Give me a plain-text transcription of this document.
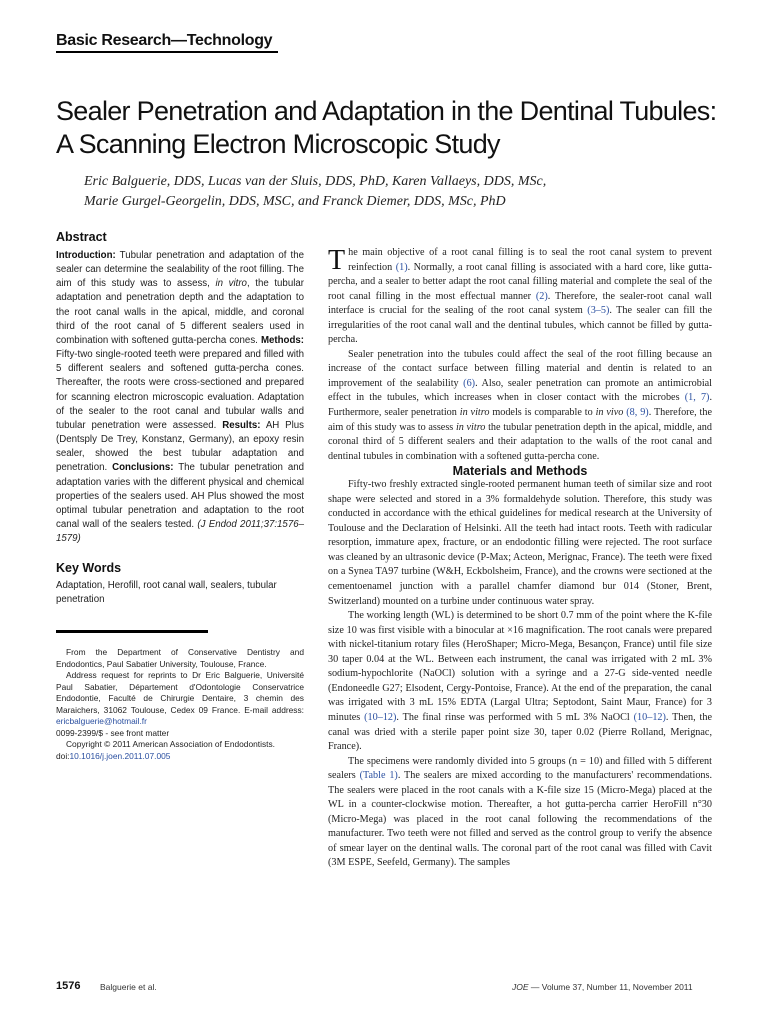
Basic Research—Technology
Sealer Penetration and Adaptation in the Dentinal Tubules:
A Scanning Electron Microscopic Study
Eric Balguerie, DDS, Lucas van der Sluis, DDS, PhD, Karen Vallaeys, DDS, MSc,
Marie Gurgel-Georgelin, DDS, MSC, and Franck Diemer, DDS, MSc, PhD
Abstract

Introduction: Tubular penetration and adaptation of the sealer can determine the sealability of the root filling. The aim of this study was to assess, in vitro, the tubular adaptation and penetration depth and the adaptation to the root canal walls in the apical, middle, and coronal third of the root canal of 5 different sealers used in combination with softened gutta-percha cones. Methods: Fifty-two single-rooted teeth were prepared and filled with 5 different sealers and softened gutta-percha cones. Thereafter, the roots were cross-sectioned and prepared for scanning electron microscopic evaluation. Adaptation of the sealer to the root canal and tubular walls and tubular penetration were assessed. Results: AH Plus (Dentsply De Trey, Konstanz, Germany), an epoxy resin sealer, showed the best tubular adaptation and penetration. Conclusions: The tubular penetration and adaptation varies with the different physical and chemical properties of the sealers used. AH Plus showed the most optimal tubular penetration and adaptation to the root canal wall of the sealers tested. (J Endod 2011;37:1576–1579)

Key Words
Adaptation, Herofill, root canal wall, sealers, tubular penetration

From the Department of Conservative Dentistry and Endodontics, Paul Sabatier University, Toulouse, France.

Address request for reprints to Dr Eric Balguerie, Université Paul Sabatier, Département d'Odontologie Conservatrice Endodontie, Faculté de Chirurgie Dentaire, 3 chemin des Maraichers, 31062 Toulouse, Cedex 09 France. E-mail address: ericbalguerie@hotmail.fr

0099-2399/$ - see front matter

Copyright © 2011 American Association of Endodontists.

doi:10.1016/j.joen.2011.07.005

The main objective of a root canal filling is to seal the root canal system to prevent reinfection (1). Normally, a root canal filling is associated with a hard core, like gutta-percha, and a sealer to better adapt the root canal filling material and complete the seal of the root canal filling in the most effectual manner (2). Therefore, the sealer-root canal wall interface is crucial for the sealing of the root canal system (3–5). The sealer can fill the irregularities of the root canal wall and the dentinal tubules, which cannot be filled by gutta-percha.

Sealer penetration into the tubules could affect the seal of the root filling because an increase of the contact surface between filling material and dentin is related to an improvement of the sealability (6). Also, sealer penetration can promote an antimicrobial effect in the tubules, which increases when in closer contact with the microbes (1, 7). Furthermore, sealer penetration in vitro models is comparable to in vivo (8, 9). Therefore, the aim of this study was to assess in vitro the tubular penetration depth in the apical, middle, and coronal third of 5 different sealers and their adaptation to the walls of the root canal and dentinal tubules in combination with a softened gutta-percha cone.

Materials and Methods

Fifty-two freshly extracted single-rooted permanent human teeth of similar size and root shape were selected and stored in a 3% formaldehyde solution. Therefore, this study was conducted in accordance with the ethical guidelines for medical research at the University of Toulouse and the Declaration of Helsinki. All the teeth had intact roots. Teeth with radicular resorption, immature apex, fracture, or an endodontic filling were rejected. The root surface was cleaned by an ultrasonic device (P-Max; Acteon, Merignac, France). The teeth were fixed on a Synea TA97 turbine (W&H, Eckbolsheim, France), and the crowns were sectioned at the cementoenamel junction with a parallel chamfer diamond bur 014 (Stoner, Brent, Switzerland) mounted on a turbine under continuous water spray.

The working length (WL) is determined to be short 0.7 mm of the point where the K-file size 10 was first visible with a binocular at ×16 magnification. The root canals were prepared with nickel-titanium rotary files (HeroShaper; Micro-Mega, Besançon, France) until file size 30 taper 0.04 at the WL. Between each instrument, the canal was irrigated with 2 mL 3% sodium-hypochlorite (NaOCl) solution with a syringe and a 27-G side-vented needle (Endoneedle G27; Elsodent, Cergy-Pontoise, France). At the end of the preparation, the canal was irrigated with 3 mL 15% EDTA (Largal Ultra; Septodont, Saint Maur, France) for 3 minutes (10–12). The final rinse was performed with 5 mL 3% NaOCl (10–12). Then, the canal was dried with a sterile paper point size 30, taper 0.02 (Pierre Rolland, Merignac, France).

The specimens were randomly divided into 5 groups (n = 10) and filled with 5 different sealers (Table 1). The sealers are mixed according to the manufacturers' recommendations. The sealers were placed in the root canals with a K-file size 15 (Micro-Mega) placed at the WL in a counter-clockwise motion. Thereafter, a hot gutta-percha carrier HeroFill n°30 (Micro-Mega) was placed in the root canal following the recommendations of the manufacturer. Two teeth were not filled and served as the control group to verify the absence of smear layer on the dentinal walls. The coronal part of the root canal was filled with Cavit (3M ESPE, Seefeld, Germany). The samples

1576 Balguerie et al.	JOE — Volume 37, Number 11, November 2011
